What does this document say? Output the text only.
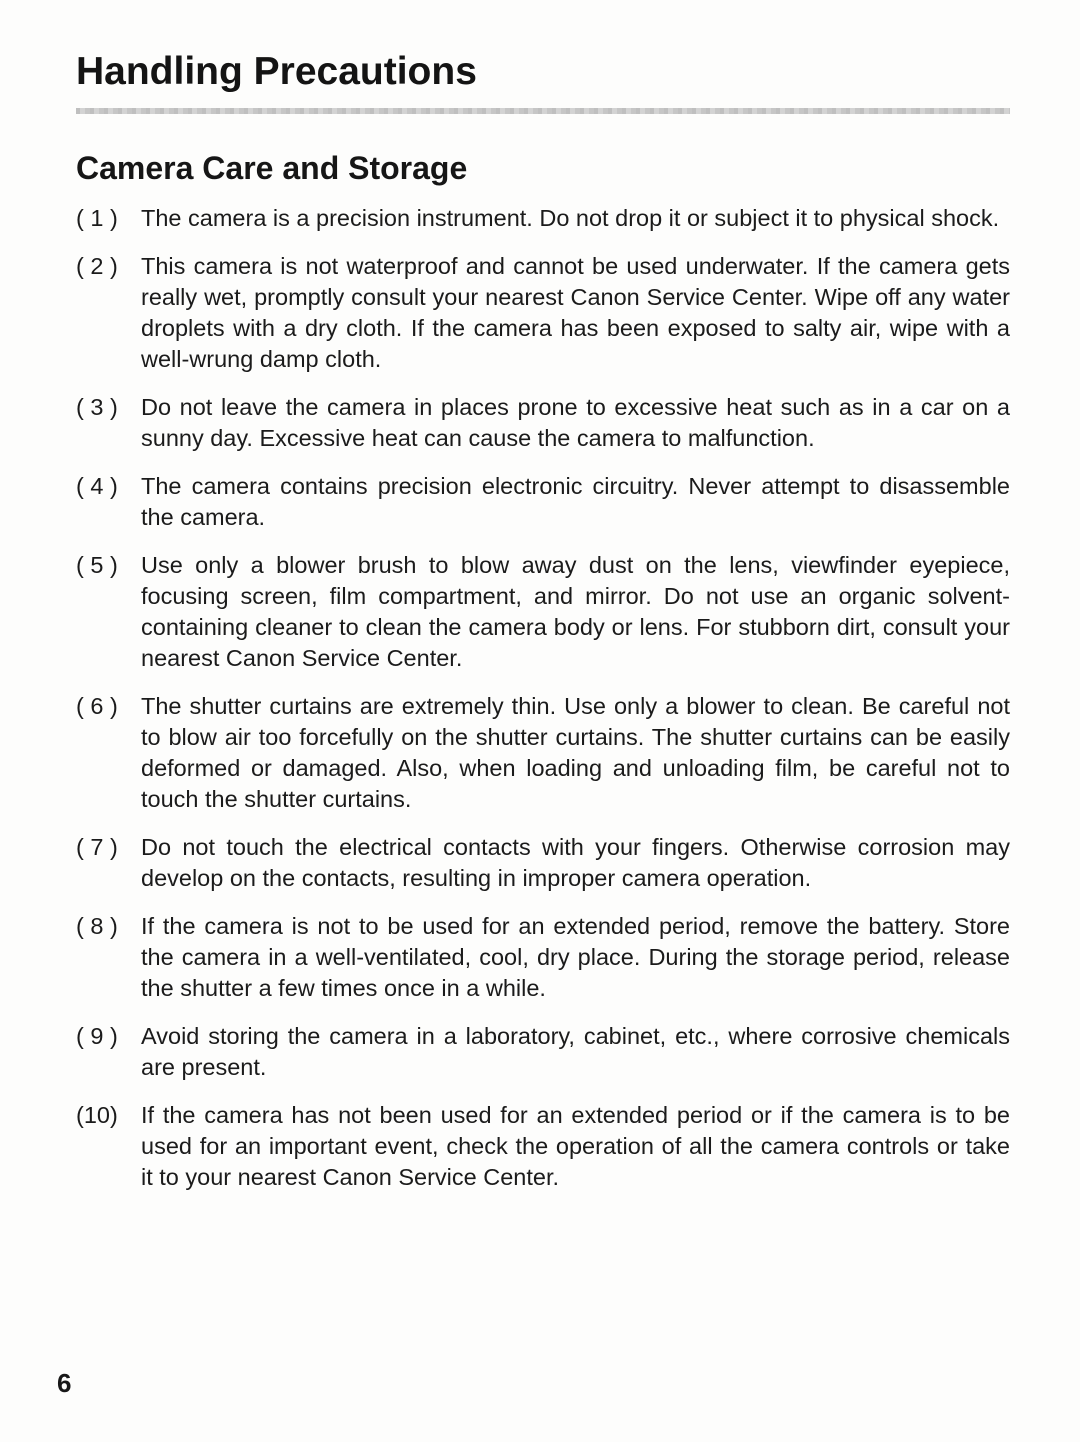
Handling Precautions
Camera Care and Storage
( 1 ) The camera is a precision instrument. Do not drop it or subject it to physical shock.
( 2 ) This camera is not waterproof and cannot be used underwater. If the camera gets really wet, promptly consult your nearest Canon Service Center. Wipe off any water droplets with a dry cloth. If the camera has been exposed to salty air, wipe with a well-wrung damp cloth.
( 3 ) Do not leave the camera in places prone to excessive heat such as in a car on a sunny day. Excessive heat can cause the camera to malfunction.
( 4 ) The camera contains precision electronic circuitry. Never attempt to disassemble the camera.
( 5 ) Use only a blower brush to blow away dust on the lens, viewfinder eyepiece, focusing screen, film compartment, and mirror. Do not use an organic solvent-containing cleaner to clean the camera body or lens. For stubborn dirt, consult your nearest Canon Service Center.
( 6 ) The shutter curtains are extremely thin. Use only a blower to clean. Be careful not to blow air too forcefully on the shutter curtains. The shutter curtains can be easily deformed or damaged. Also, when loading and unloading film, be careful not to touch the shutter curtains.
( 7 ) Do not touch the electrical contacts with your fingers. Otherwise corrosion may develop on the contacts, resulting in improper camera operation.
( 8 ) If the camera is not to be used for an extended period, remove the battery. Store the camera in a well-ventilated, cool, dry place. During the storage period, release the shutter a few times once in a while.
( 9 ) Avoid storing the camera in a laboratory, cabinet, etc., where corrosive chemicals are present.
(10) If the camera has not been used for an extended period or if the camera is to be used for an important event, check the operation of all the camera controls or take it to your nearest Canon Service Center.
6
